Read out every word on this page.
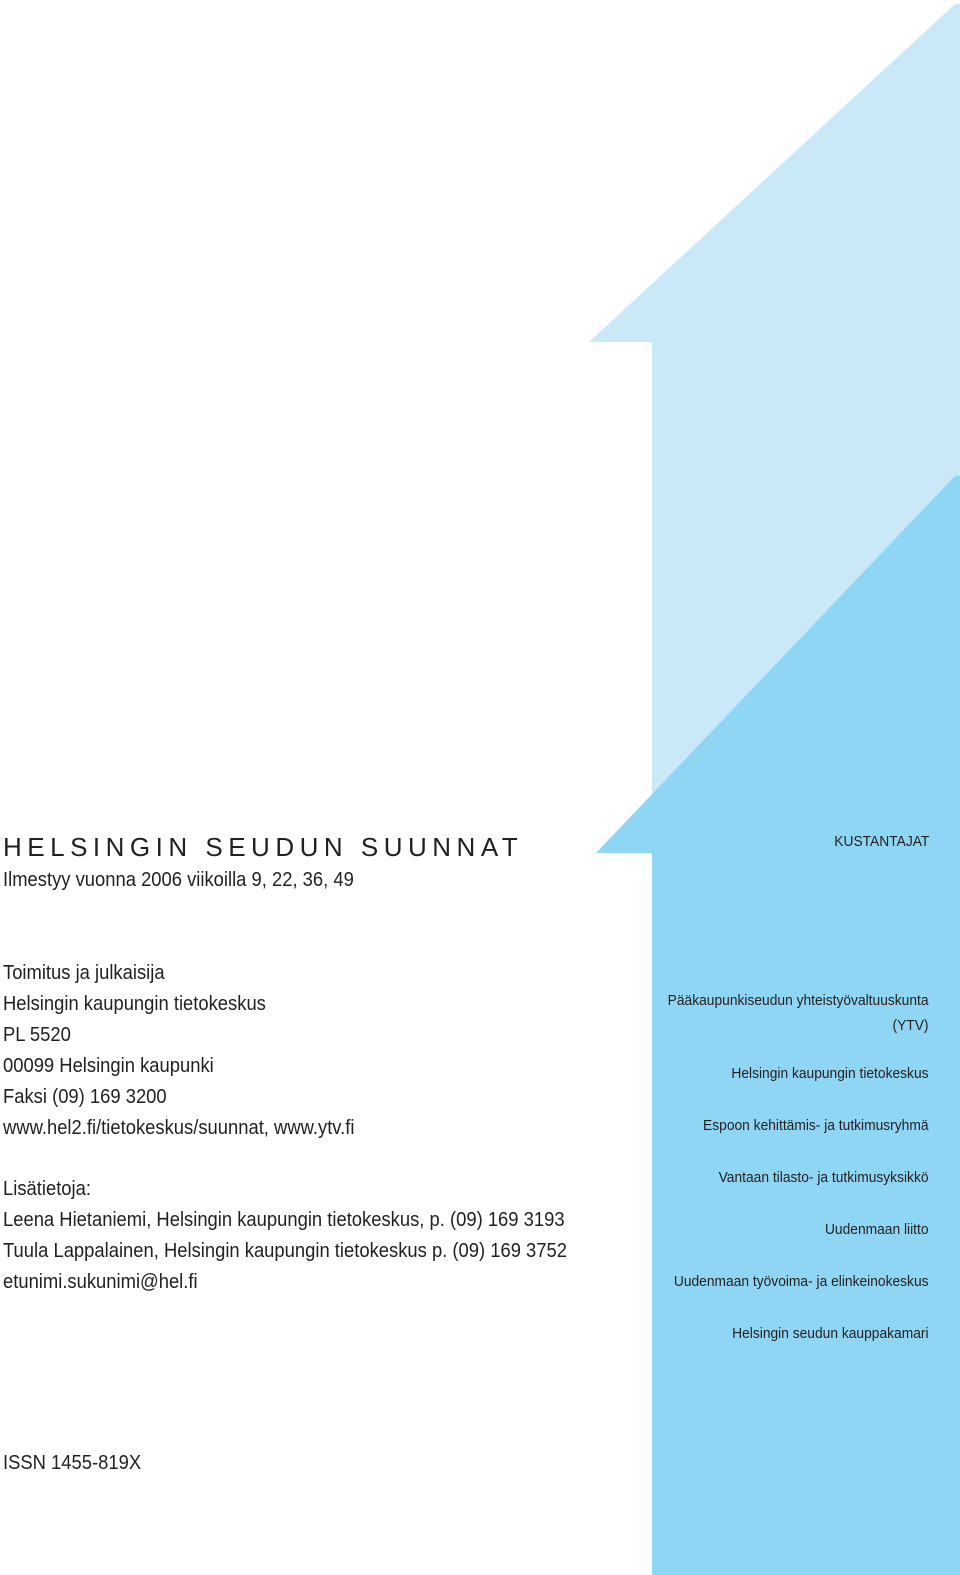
HELSINGIN SEUDUN SUUNNAT
Ilmestyy vuonna 2006 viikoilla 9, 22, 36, 49
Toimitus ja julkaisija
Helsingin kaupungin tietokeskus
PL 5520
00099 Helsingin kaupunki
Faksi (09) 169 3200
www.hel2.fi/tietokeskus/suunnat, www.ytv.fi
Lisätietoja:
Leena Hietaniemi, Helsingin kaupungin tietokeskus, p. (09) 169 3193
Tuula Lappalainen, Helsingin kaupungin tietokeskus p. (09) 169 3752
etunimi.sukunimi@hel.fi
ISSN 1455-819X
KUSTANTAJAT
Pääkaupunkiseudun yhteistyövaltuuskunta
(YTV)
Helsingin kaupungin tietokeskus
Espoon kehittämis- ja tutkimusryhmä
Vantaan tilasto- ja tutkimusyksikkö
Uudenmaan liitto
Uudenmaan työvoima- ja elinkeinokeskus
Helsingin seudun kauppakamari
